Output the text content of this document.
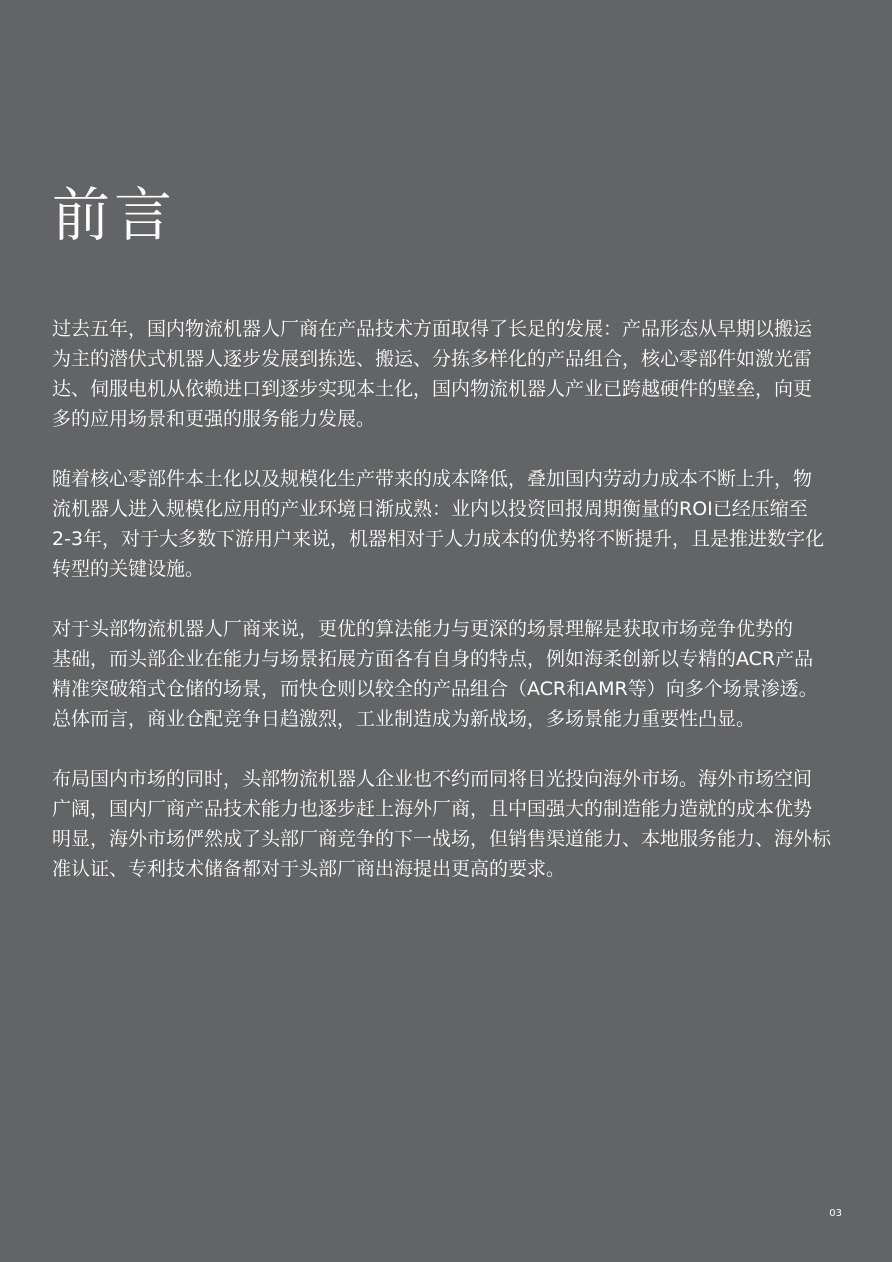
前言

过去五年，国内物流机器人厂商在产品技术方面取得了长足的发展：产品形态从早期以搬运
为主的潜伏式机器人逐步发展到拣选、搬运、分拣多样化的产品组合，核心零部件如激光雷
达、伺服电机从依赖进口到逐步实现本土化，国内物流机器人产业已跨越硬件的壁垒，向更
多的应用场景和更强的服务能力发展。

随着核心零部件本土化以及规模化生产带来的成本降低，叠加国内劳动力成本不断上升，物
流机器人进入规模化应用的产业环境日渐成熟：业内以投资回报周期衡量的ROI已经压缩至
2-3年，对于大多数下游用户来说，机器相对于人力成本的优势将不断提升，且是推进数字化
转型的关键设施。

对于头部物流机器人厂商来说，更优的算法能力与更深的场景理解是获取市场竞争优势的
基础，而头部企业在能力与场景拓展方面各有自身的特点，例如海柔创新以专精的ACR产品
精准突破箱式仓储的场景，而快仓则以较全的产品组合（ACR和AMR等）向多个场景渗透。
总体而言，商业仓配竞争日趋激烈，工业制造成为新战场，多场景能力重要性凸显。

布局国内市场的同时，头部物流机器人企业也不约而同将目光投向海外市场。海外市场空间
广阔，国内厂商产品技术能力也逐步赶上海外厂商，且中国强大的制造能力造就的成本优势
明显，海外市场俨然成了头部厂商竞争的下一战场，但销售渠道能力、本地服务能力、海外标
准认证、专利技术储备都对于头部厂商出海提出更高的要求。

03
